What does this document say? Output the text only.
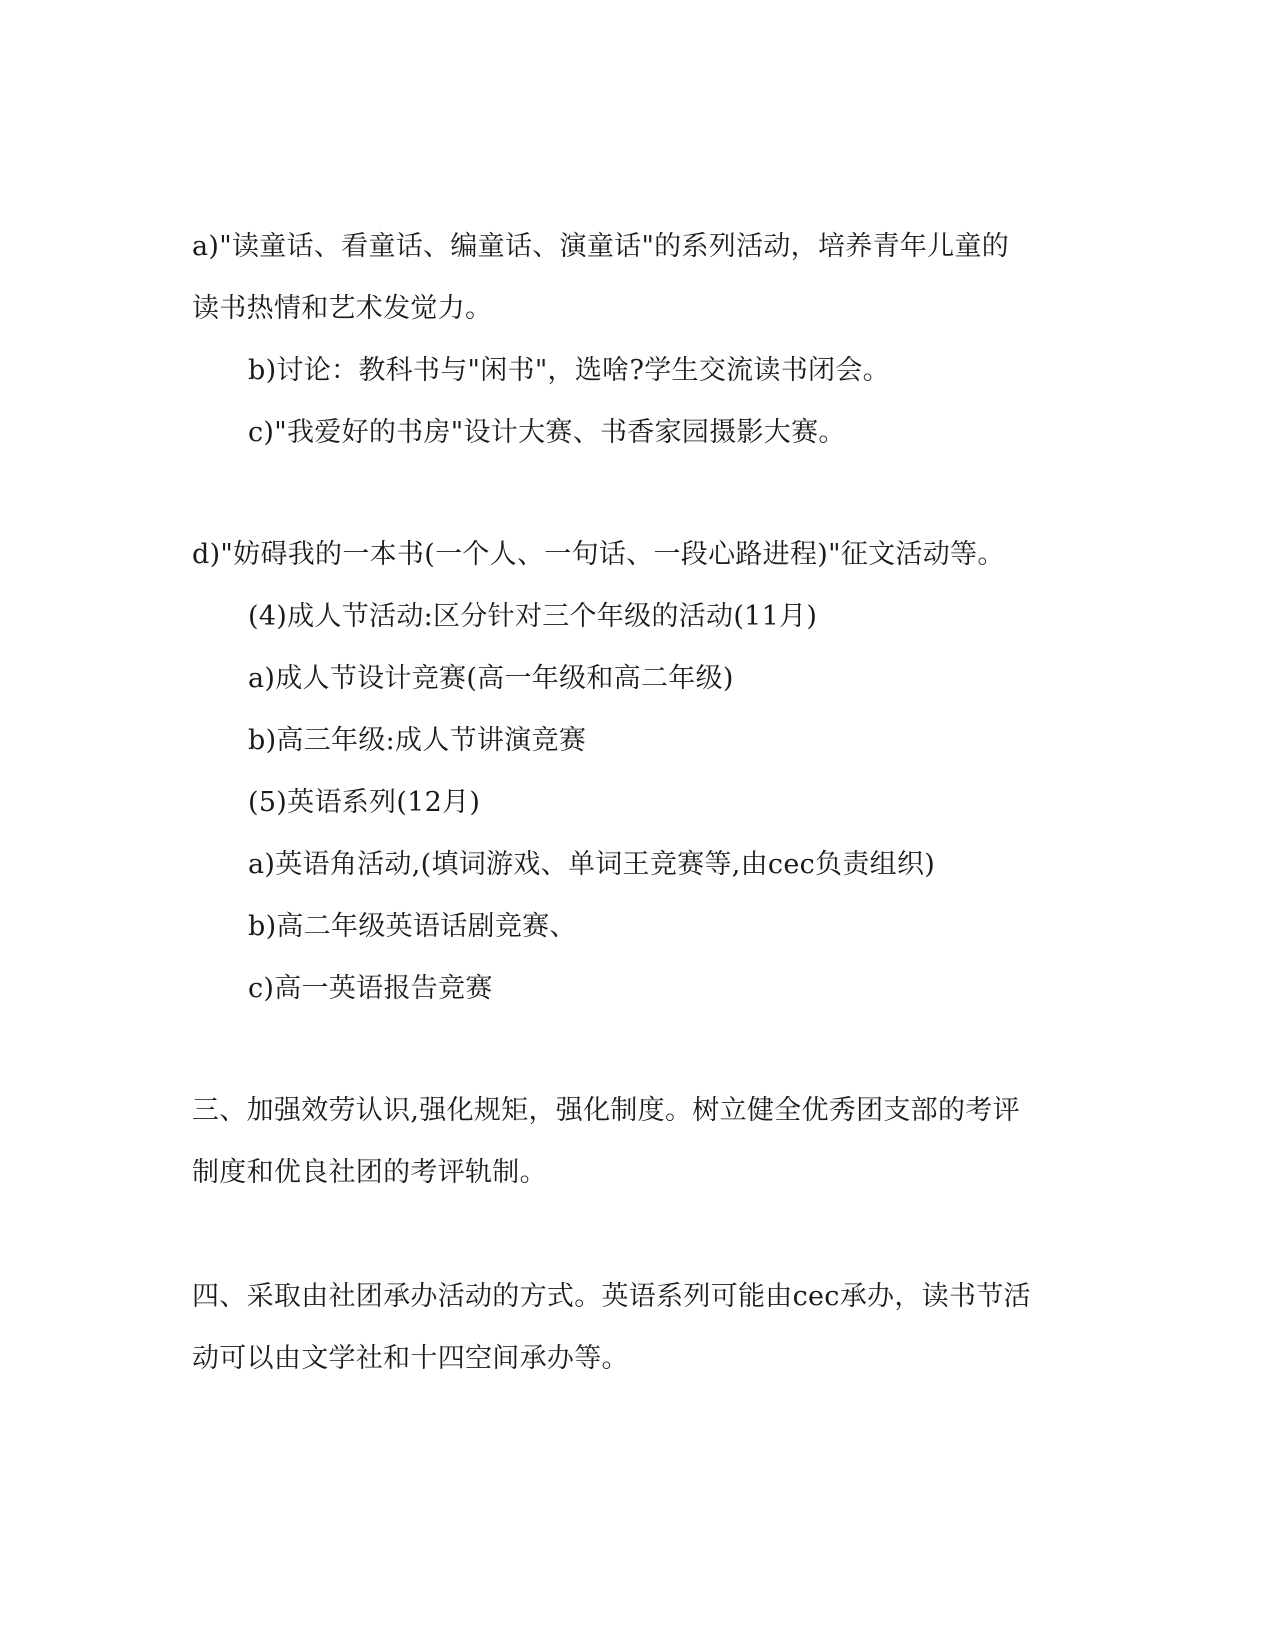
a)"读童话、看童话、编童话、演童话"的系列活动，培养青年儿童的
读书热情和艺术发觉力。
b)讨论：教科书与"闲书"，选啥?学生交流读书闭会。
c)"我爱好的书房"设计大赛、书香家园摄影大赛。
d)"妨碍我的一本书(一个人、一句话、一段心路进程)"征文活动等。
(4)成人节活动:区分针对三个年级的活动(11月)
a)成人节设计竞赛(高一年级和高二年级)
b)高三年级:成人节讲演竞赛
(5)英语系列(12月)
a)英语角活动,(填词游戏、单词王竞赛等,由cec负责组织)
b)高二年级英语话剧竞赛、
c)高一英语报告竞赛
三、加强效劳认识,强化规矩，强化制度。树立健全优秀团支部的考评
制度和优良社团的考评轨制。
四、采取由社团承办活动的方式。英语系列可能由cec承办，读书节活
动可以由文学社和十四空间承办等。
